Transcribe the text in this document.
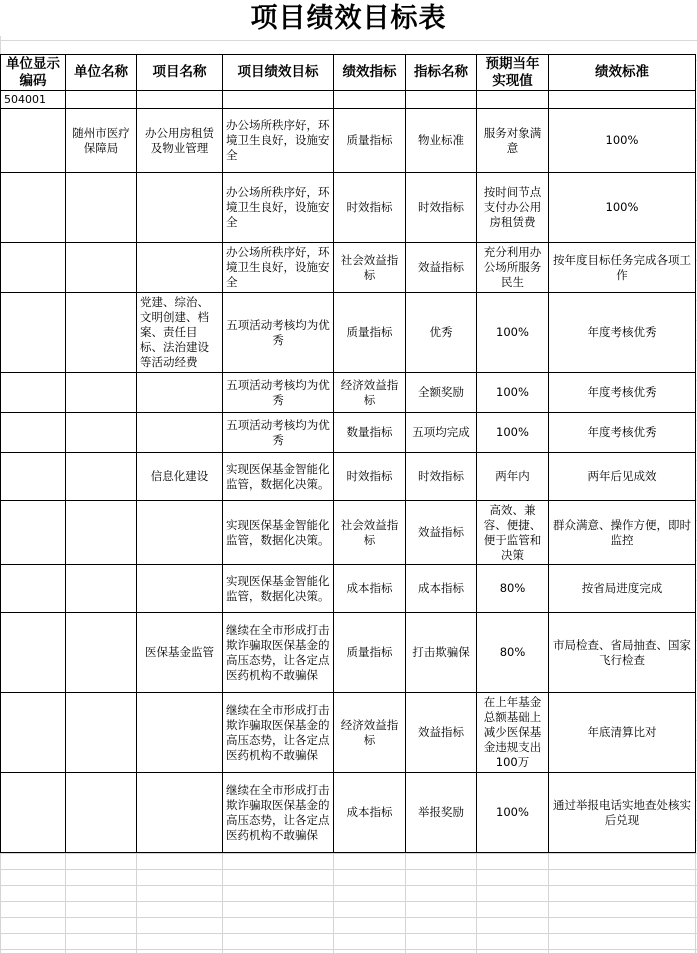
项目绩效目标表
单位显示编码	单位名称	项目名称	项目绩效目标	绩效指标	指标名称	预期当年实现值	绩效标准
504001							
	随州市医疗保障局	办公用房租赁及物业管理	办公场所秩序好，环境卫生良好，设施安全	质量指标	物业标准	服务对象满意	100%
			办公场所秩序好，环境卫生良好，设施安全	时效指标	时效指标	按时间节点支付办公用房租赁费	100%
			办公场所秩序好，环境卫生良好，设施安全	社会效益指标	效益指标	充分利用办公场所服务民生	按年度目标任务完成各项工作
		党建、综治、文明创建、档案、责任目标、法治建设等活动经费	五项活动考核均为优秀	质量指标	优秀	100%	年度考核优秀
			五项活动考核均为优秀	经济效益指标	全额奖励	100%	年度考核优秀
			五项活动考核均为优秀	数量指标	五项均完成	100%	年度考核优秀
		信息化建设	实现医保基金智能化监管，数据化决策。	时效指标	时效指标	两年内	两年后见成效
			实现医保基金智能化监管，数据化决策。	社会效益指标	效益指标	高效、兼容、便捷、便于监管和决策	群众满意、操作方便，即时监控
			实现医保基金智能化监管，数据化决策。	成本指标	成本指标	80%	按省局进度完成
		医保基金监管	继续在全市形成打击欺诈骗取医保基金的高压态势，让各定点医药机构不敢骗保	质量指标	打击欺骗保	80%	市局检查、省局抽查、国家飞行检查
			继续在全市形成打击欺诈骗取医保基金的高压态势，让各定点医药机构不敢骗保	经济效益指标	效益指标	在上年基金总额基础上减少医保基金违规支出100万	年底清算比对
			继续在全市形成打击欺诈骗取医保基金的高压态势，让各定点医药机构不敢骗保	成本指标	举报奖励	100%	通过举报电话实地查处核实后兑现
